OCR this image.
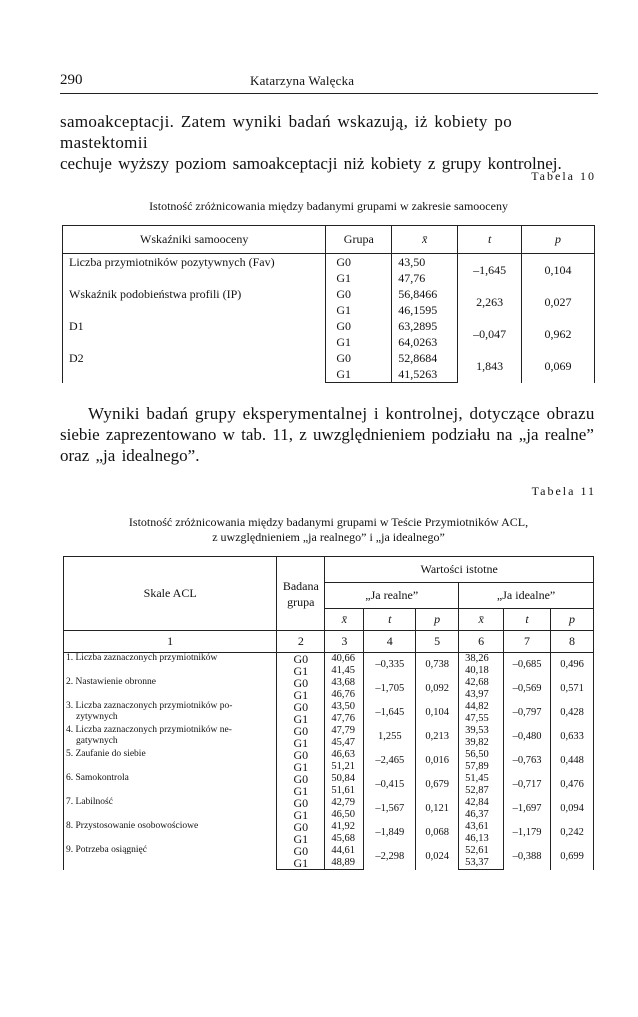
290	Katarzyna Walęcka
samoakceptacji. Zatem wyniki badań wskazują, iż kobiety po mastektomii
cechuje wyższy poziom samoakceptacji niż kobiety z grupy kontrolnej.
Tabela 10
Istotność zróżnicowania między badanymi grupami w zakresie samooceny
Wskaźniki samooceny	Grupa	x̄	t	p
Liczba przymiotników pozytywnych (Fav)	G0	43,50	–1,645	0,104
	G1	47,76		
Wskaźnik podobieństwa profili (IP)	G0	56,8466	2,263	0,027
	G1	46,1595		
D1	G0	63,2895	–0,047	0,962
	G1	64,0263		
D2	G0	52,8684	1,843	0,069
	G1	41,5263		
Wyniki badań grupy eksperymentalnej i kontrolnej, dotyczące obrazu
siebie zaprezentowano w tab. 11, z uwzględnieniem podziału na „ja realne”
oraz „ja idealnego”.
Tabela 11
Istotność zróżnicowania między badanymi grupami w Teście Przymiotników ACL,
z uwzględnieniem „ja realnego” i „ja idealnego”
Skale ACL	Badana grupa	Wartości istotne					
		„Ja realne”			„Ja idealne”		
		x̄	t	p	x̄	t	p
1	2	3	4	5	6	7	8

1. Liczba zaznaczonych przymiotników	G0	40,66	–0,335	0,738	38,26	–0,685	0,496
	G1	41,45			40,18		

2. Nastawienie obronne	G0	43,68	–1,705	0,092	42,68	–0,569	0,571
	G1	46,76			43,97		

3. Liczba zaznaczonych przymiotników po-
zytywnych	G0	43,50	–1,645	0,104	44,82	–0,797	0,428
	G1	47,76			47,55		

4. Liczba zaznaczonych przymiotników ne-
gatywnych	G0	47,79	1,255	0,213	39,53	–0,480	0,633
	G1	45,47			39,82		

5. Zaufanie do siebie	G0	46,63	–2,465	0,016	56,50	–0,763	0,448
	G1	51,21			57,89		

6. Samokontrola	G0	50,84	–0,415	0,679	51,45	–0,717	0,476
	G1	51,61			52,87		

7. Labilność	G0	42,79	–1,567	0,121	42,84	–1,697	0,094
	G1	46,50			46,37		

8. Przystosowanie osobowościowe	G0	41,92	–1,849	0,068	43,61	–1,179	0,242
	G1	45,68			46,13		

9. Potrzeba osiągnięć	G0	44,61	–2,298	0,024	52,61	–0,388	0,699
	G1	48,89			53,37		
